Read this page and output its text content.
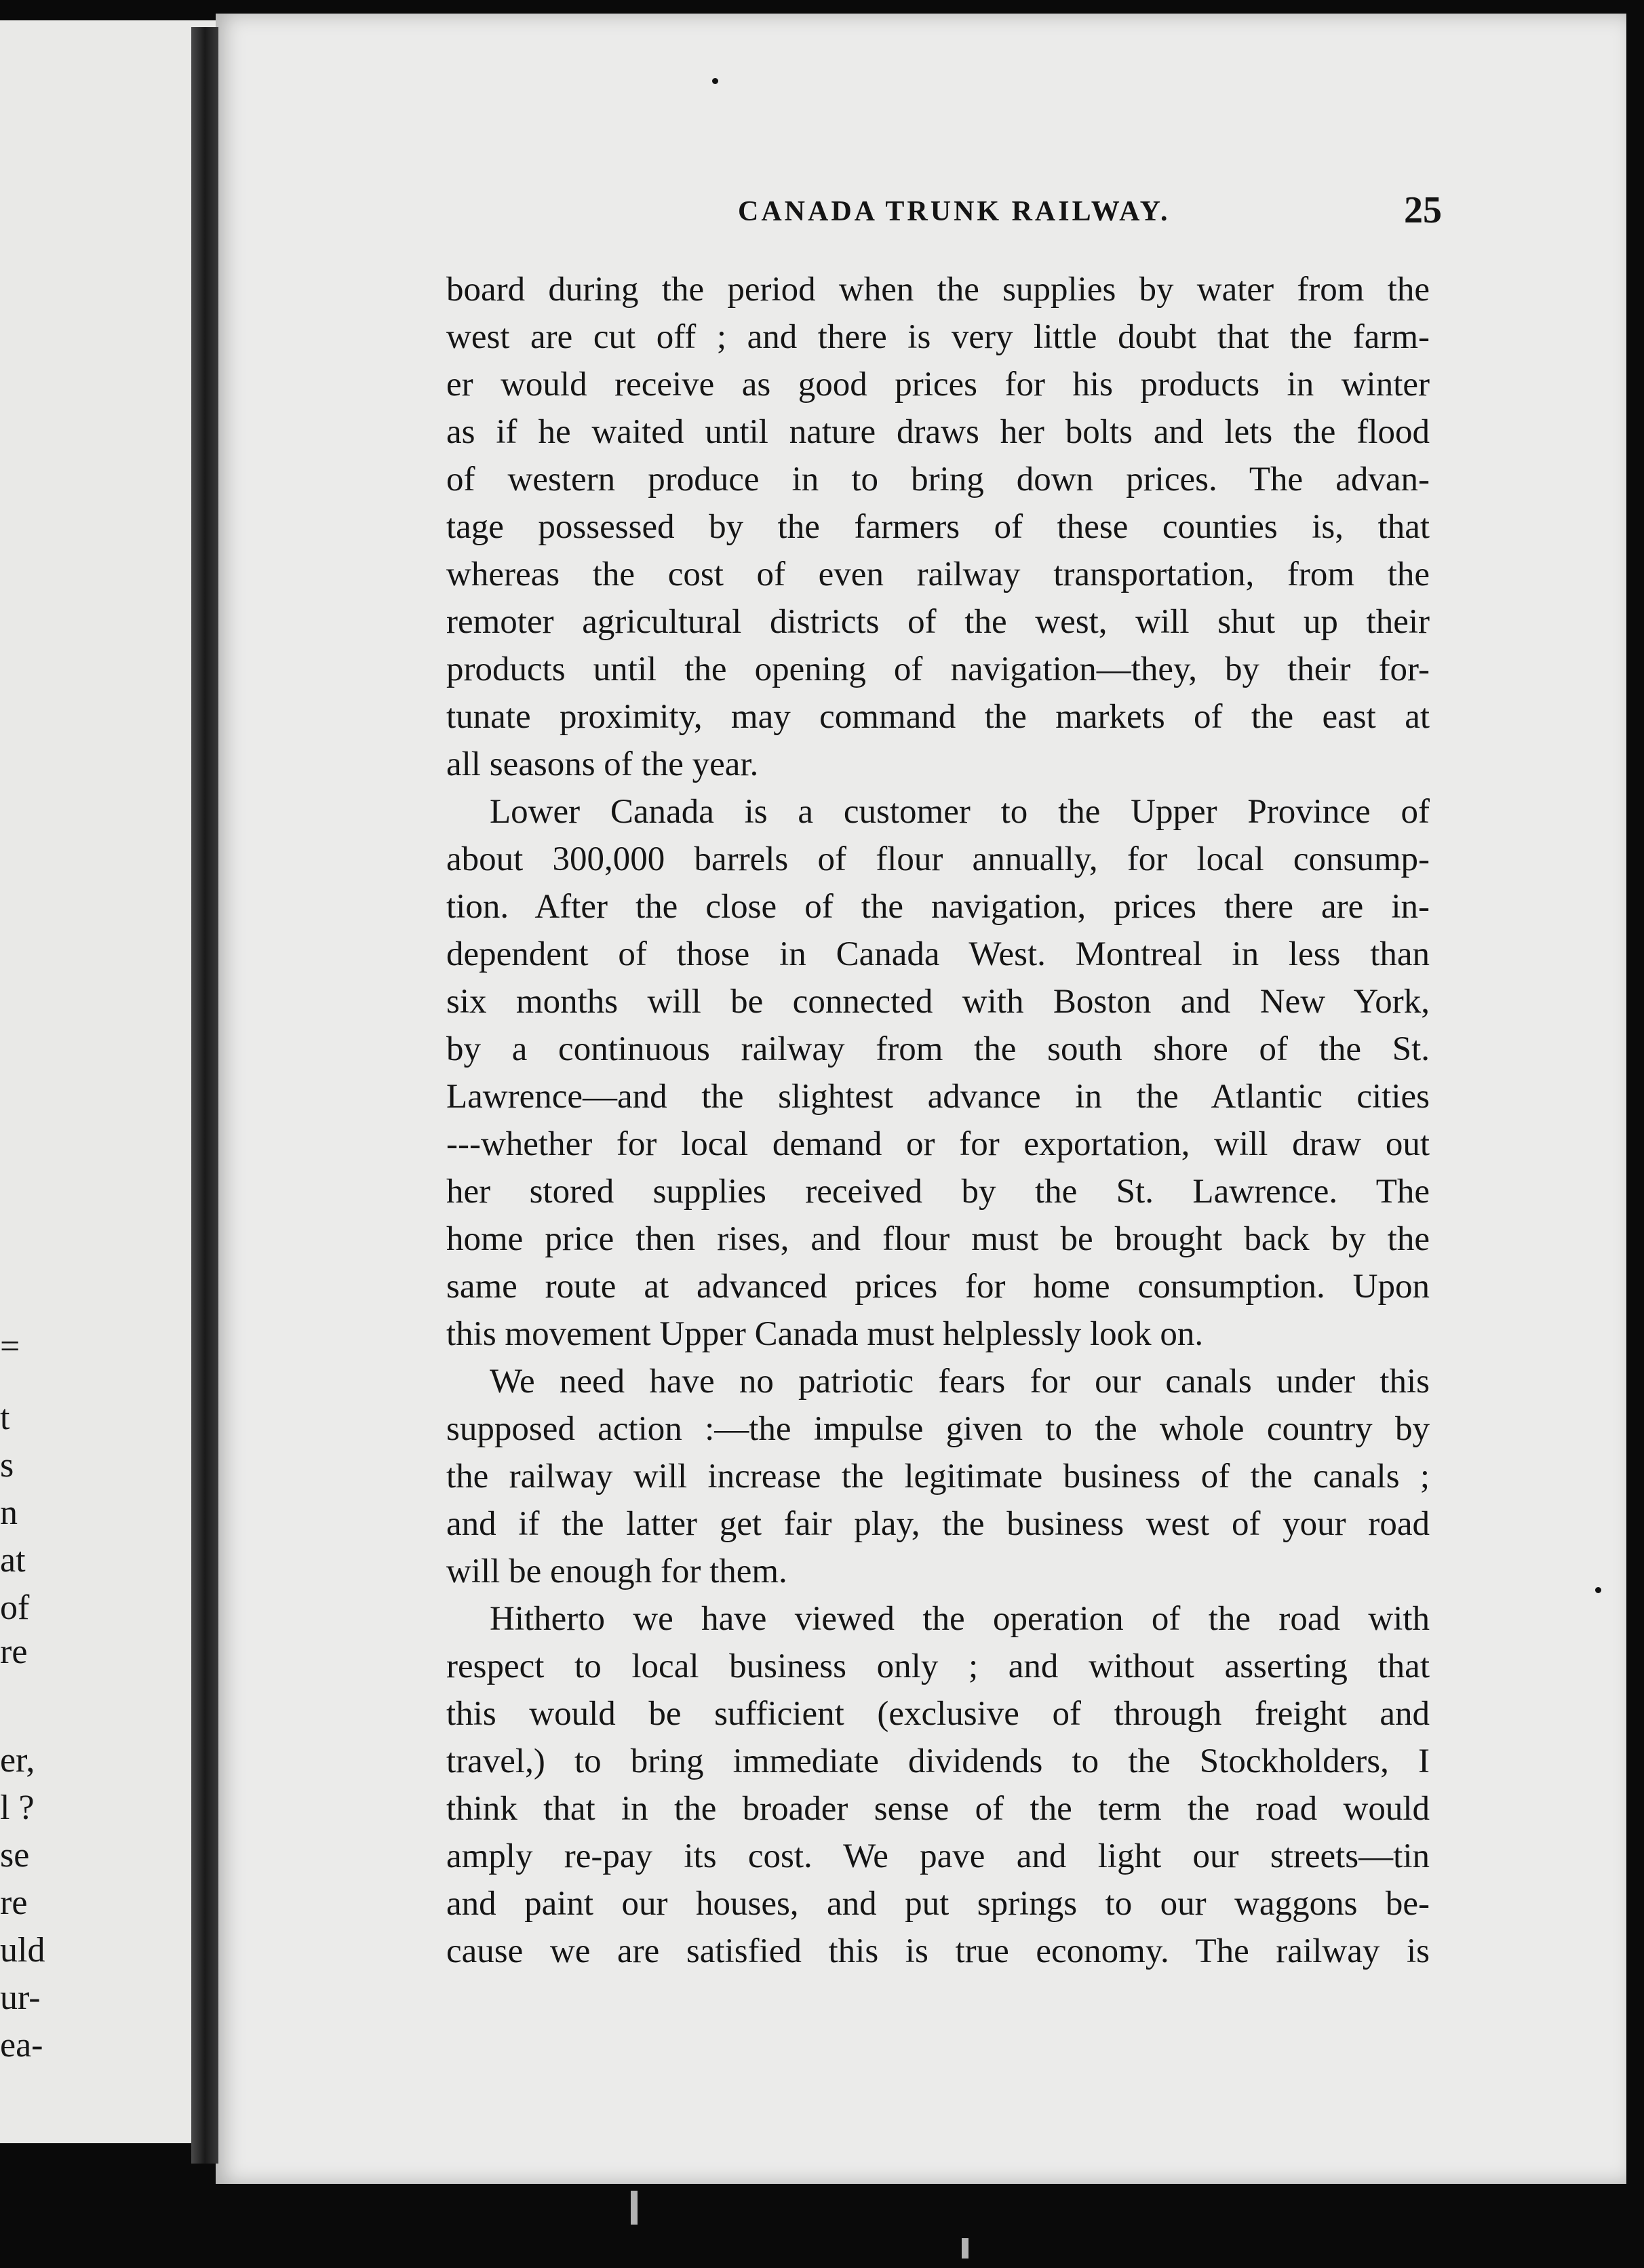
=
t
s
n
at
of
re
er,
l ?
se
re
uld
ur-
ea-
CANADA TRUNK RAILWAY.	25
board during the period when the supplies by water from the
west are cut off ; and there is very little doubt that the farm-
er would receive as good prices for his products in winter
as if he waited until nature draws her bolts and lets the flood
of western produce in to bring down prices. The advan-
tage possessed by the farmers of these counties is, that
whereas the cost of even railway transportation, from the
remoter agricultural districts of the west, will shut up their
products until the opening of navigation—they, by their for-
tunate proximity, may command the markets of the east at
all seasons of the year.
Lower Canada is a customer to the Upper Province of
about 300,000 barrels of flour annually, for local consump-
tion. After the close of the navigation, prices there are in-
dependent of those in Canada West. Montreal in less than
six months will be connected with Boston and New York,
by a continuous railway from the south shore of the St.
Lawrence—and the slightest advance in the Atlantic cities
---whether for local demand or for exportation, will draw out
her stored supplies received by the St. Lawrence. The
home price then rises, and flour must be brought back by the
same route at advanced prices for home consumption. Upon
this movement Upper Canada must helplessly look on.
We need have no patriotic fears for our canals under this
supposed action :—the impulse given to the whole country by
the railway will increase the legitimate business of the canals ;
and if the latter get fair play, the business west of your road
will be enough for them.
Hitherto we have viewed the operation of the road with
respect to local business only ; and without asserting that
this would be sufficient (exclusive of through freight and
travel,) to bring immediate dividends to the Stockholders, I
think that in the broader sense of the term the road would
amply re-pay its cost. We pave and light our streets—tin
and paint our houses, and put springs to our waggons be-
cause we are satisfied this is true economy. The railway is
